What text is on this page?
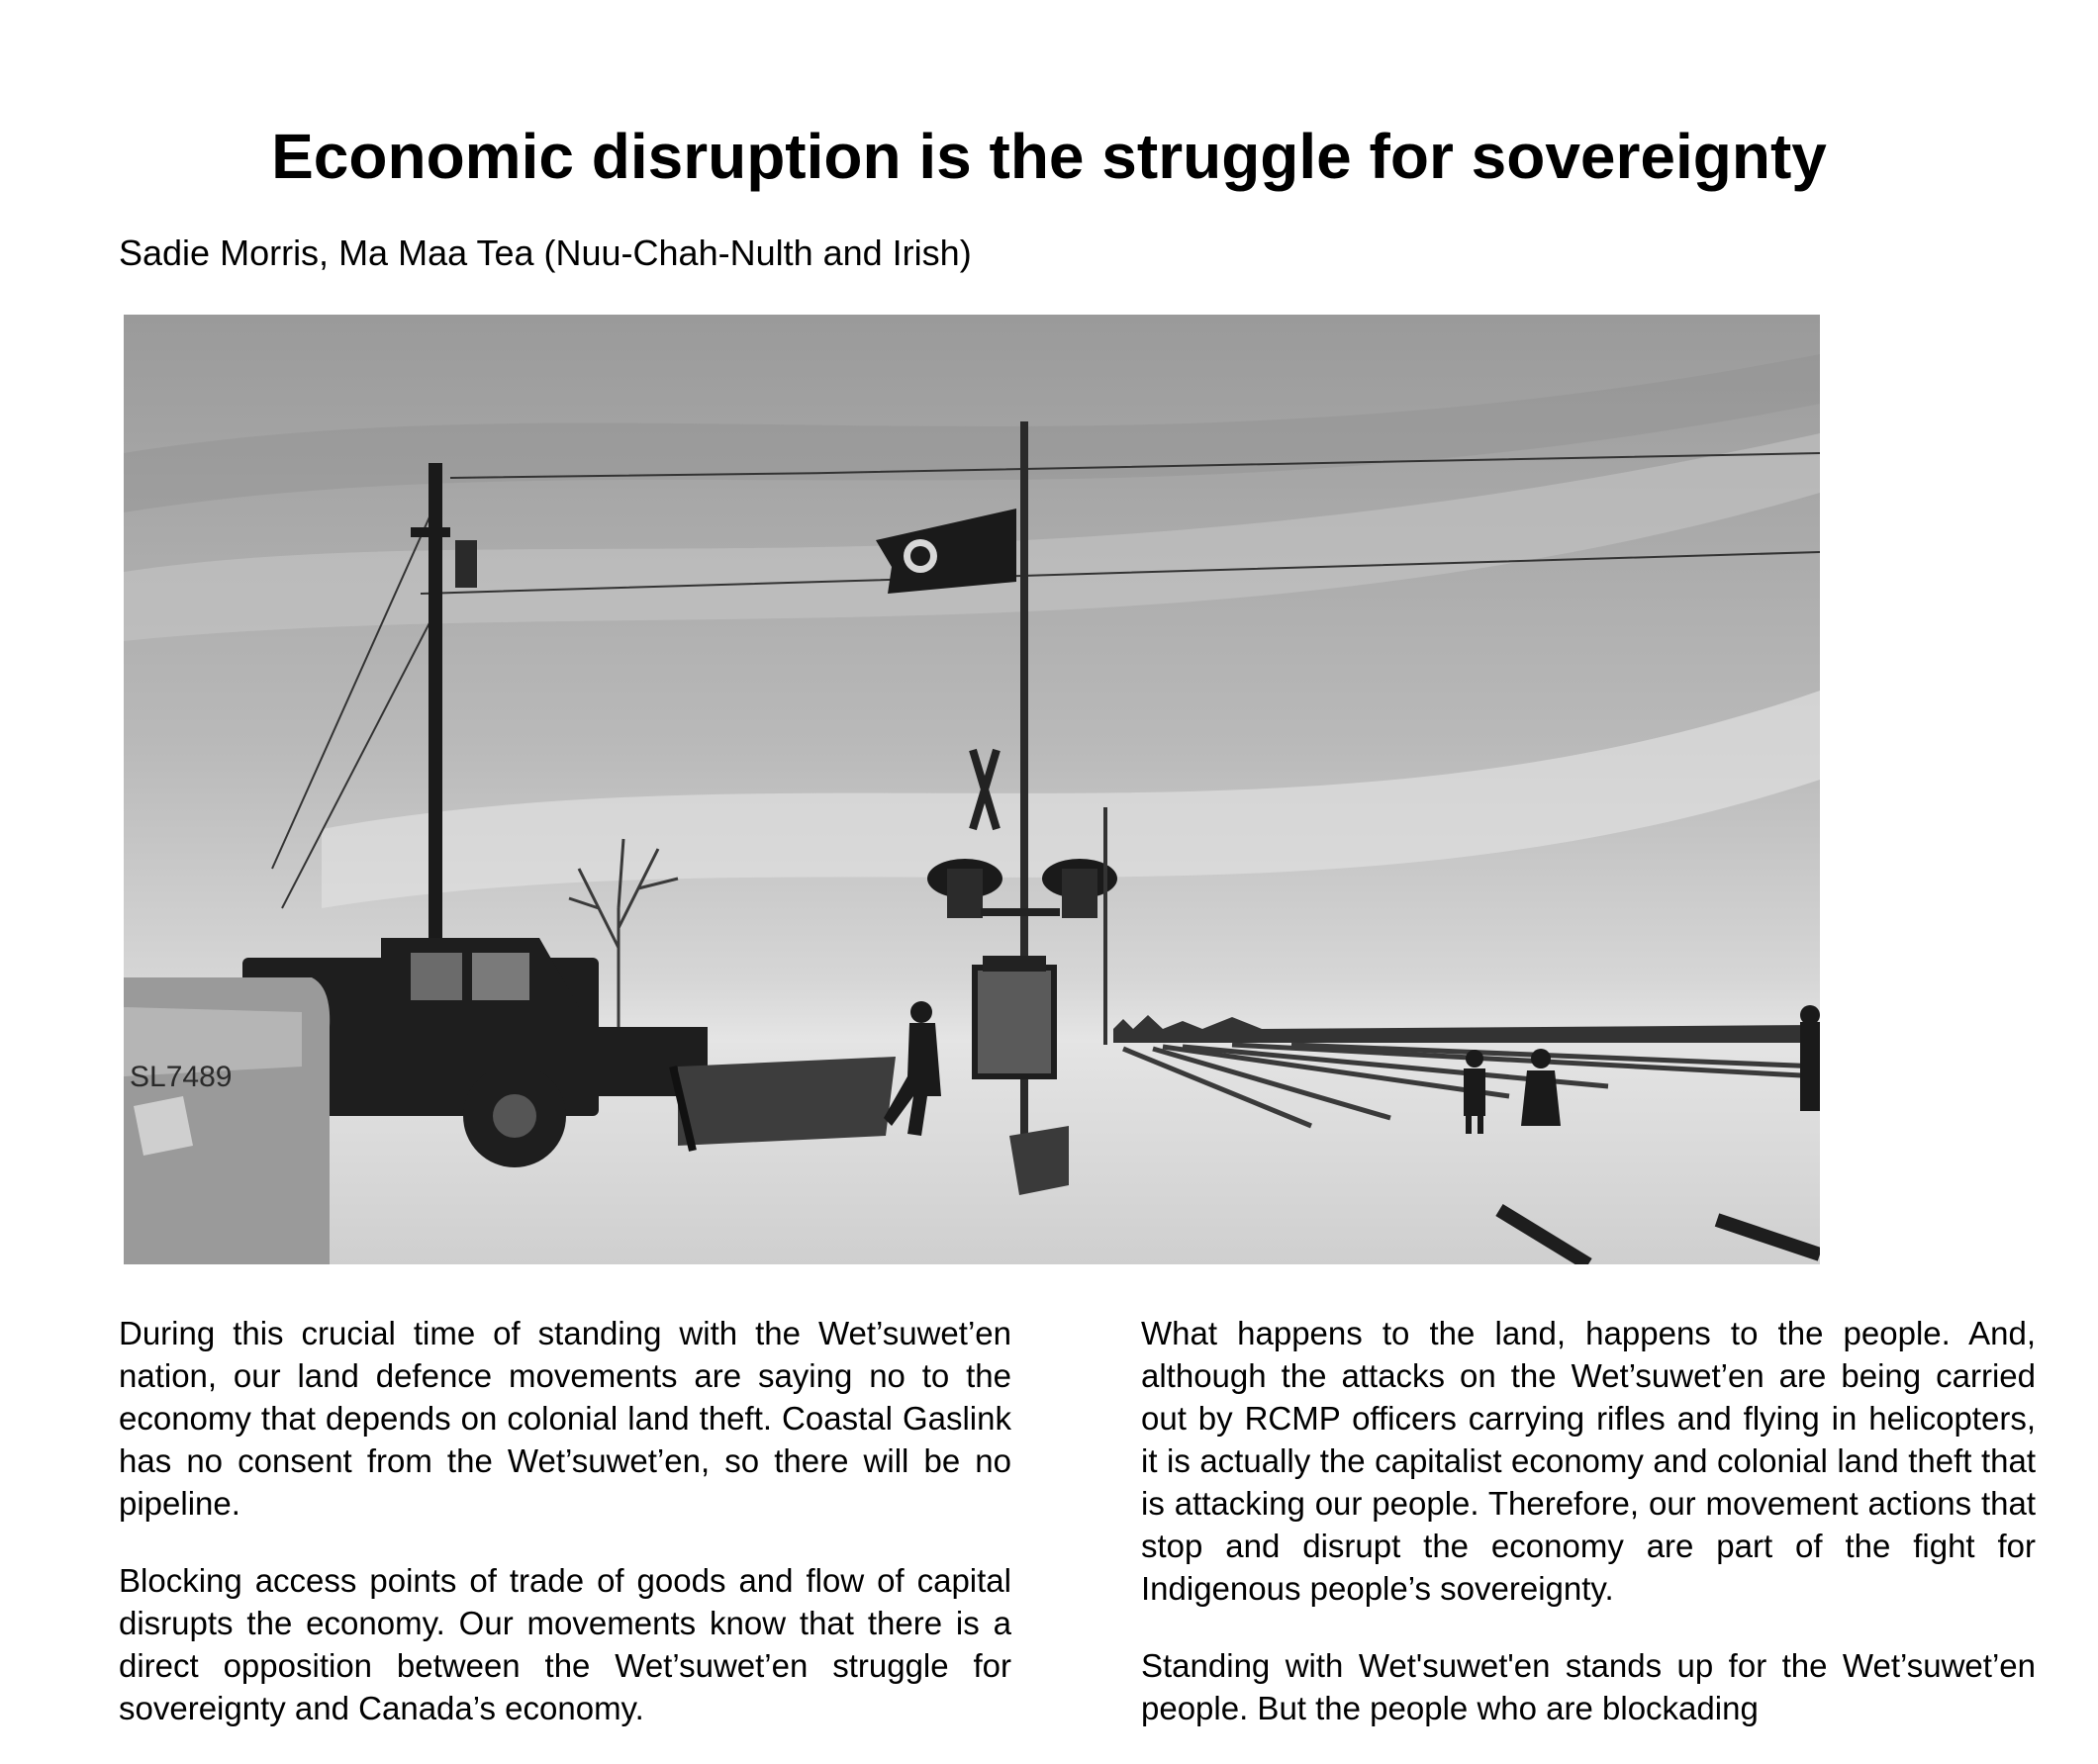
Economic disruption is the struggle for sovereignty

Sadie Morris, Ma Maa Tea (Nuu-Chah-Nulth and Irish)

SL7489

During this crucial time of standing with the Wet’suwet’en nation, our land defence movements are saying no to the economy that depends on colonial land theft. Coastal Gaslink has no consent from the Wet’suwet’en, so there will be no pipeline.

Blocking access points of trade of goods and flow of capital disrupts the economy. Our movements know that there is a direct opposition between the Wet’suwet’en struggle for sovereignty and Canada’s economy.

What happens to the land, happens to the people. And, although the attacks on the Wet’suwet’en are being carried out by RCMP officers carrying rifles and flying in helicopters, it is actually the capitalist economy and colonial land theft that is attacking our people. Therefore, our movement actions that stop and disrupt the economy are part of the fight for Indigenous people’s sovereignty.

Standing with Wet'suwet'en stands up for the Wet’suwet’en people. But the people who are blockading
